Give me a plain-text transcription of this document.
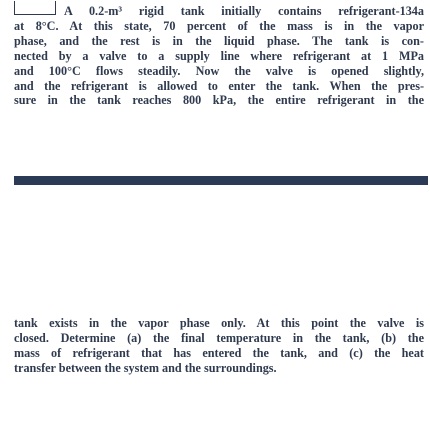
A 0.2-m³ rigid tank initially contains refrigerant-134a
at 8°C. At this state, 70 percent of the mass is in the vapor
phase, and the rest is in the liquid phase. The tank is con-
nected by a valve to a supply line where refrigerant at 1 MPa
and 100°C flows steadily. Now the valve is opened slightly,
and the refrigerant is allowed to enter the tank. When the pres-
sure in the tank reaches 800 kPa, the entire refrigerant in the

tank exists in the vapor phase only. At this point the valve is
closed. Determine (a) the final temperature in the tank, (b) the
mass of refrigerant that has entered the tank, and (c) the heat
transfer between the system and the surroundings.
